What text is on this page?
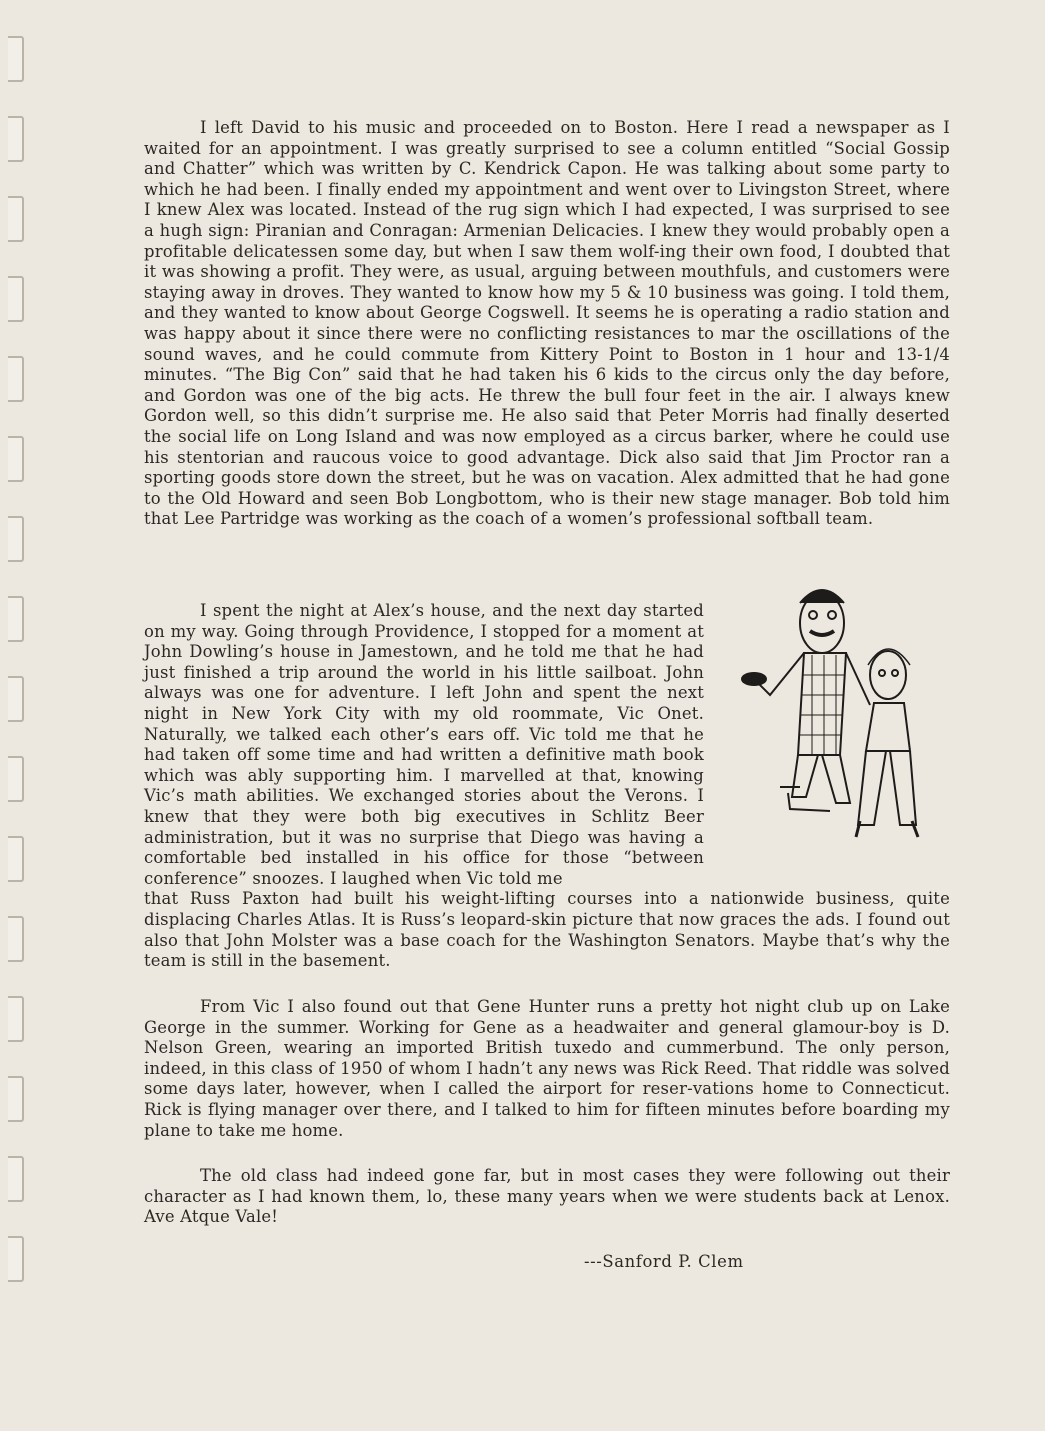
I left David to his music and proceeded on to Boston. Here I read a newspaper as I waited for an appointment. I was greatly surprised to see a column entitled “Social Gossip and Chatter” which was written by C. Kendrick Capon. He was talking about some party to which he had been. I finally ended my appointment and went over to Livingston Street, where I knew Alex was located. Instead of the rug sign which I had expected, I was surprised to see a hugh sign: Piranian and Conragan: Armenian Delicacies. I knew they would probably open a profitable delicatessen some day, but when I saw them wolf-ing their own food, I doubted that it was showing a profit. They were, as usual, arguing between mouthfuls, and customers were staying away in droves. They wanted to know how my 5 & 10 business was going. I told them, and they wanted to know about George Cogswell. It seems he is operating a radio station and was happy about it since there were no conflicting resistances to mar the oscillations of the sound waves, and he could commute from Kittery Point to Boston in 1 hour and 13-1/4 minutes. “The Big Con” said that he had taken his 6 kids to the circus only the day before, and Gordon was one of the big acts. He threw the bull four feet in the air. I always knew Gordon well, so this didn’t surprise me. He also said that Peter Morris had finally deserted the social life on Long Island and was now employed as a circus barker, where he could use his stentorian and raucous voice to good advantage. Dick also said that Jim Proctor ran a sporting goods store down the street, but he was on vacation. Alex admitted that he had gone to the Old Howard and seen Bob Longbottom, who is their new stage manager. Bob told him that Lee Partridge was working as the coach of a women’s professional softball team.

I spent the night at Alex’s house, and the next day started on my way. Going through Providence, I stopped for a moment at John Dowling’s house in Jamestown, and he told me that he had just finished a trip around the world in his little sailboat. John always was one for adventure. I left John and spent the next night in New York City with my old roommate, Vic Onet. Naturally, we talked each other’s ears off. Vic told me that he had taken off some time and had written a definitive math book which was ably supporting him. I marvelled at that, knowing Vic’s math abilities. We exchanged stories about the Verons. I knew that they were both big executives in Schlitz Beer administration, but it was no surprise that Diego was having a comfortable bed installed in his office for those “between conference” snoozes. I laughed when Vic told me

that Russ Paxton had built his weight-lifting courses into a nationwide business, quite displacing Charles Atlas. It is Russ’s leopard-skin picture that now graces the ads. I found out also that John Molster was a base coach for the Washington Senators. Maybe that’s why the team is still in the basement.

From Vic I also found out that Gene Hunter runs a pretty hot night club up on Lake George in the summer. Working for Gene as a headwaiter and general glamour-boy is D. Nelson Green, wearing an imported British tuxedo and cummerbund. The only person, indeed, in this class of 1950 of whom I hadn’t any news was Rick Reed. That riddle was solved some days later, however, when I called the airport for reser-vations home to Connecticut. Rick is flying manager over there, and I talked to him for fifteen minutes before boarding my plane to take me home.

The old class had indeed gone far, but in most cases they were following out their character as I had known them, lo, these many years when we were students back at Lenox. Ave Atque Vale!

---Sanford P. Clem
